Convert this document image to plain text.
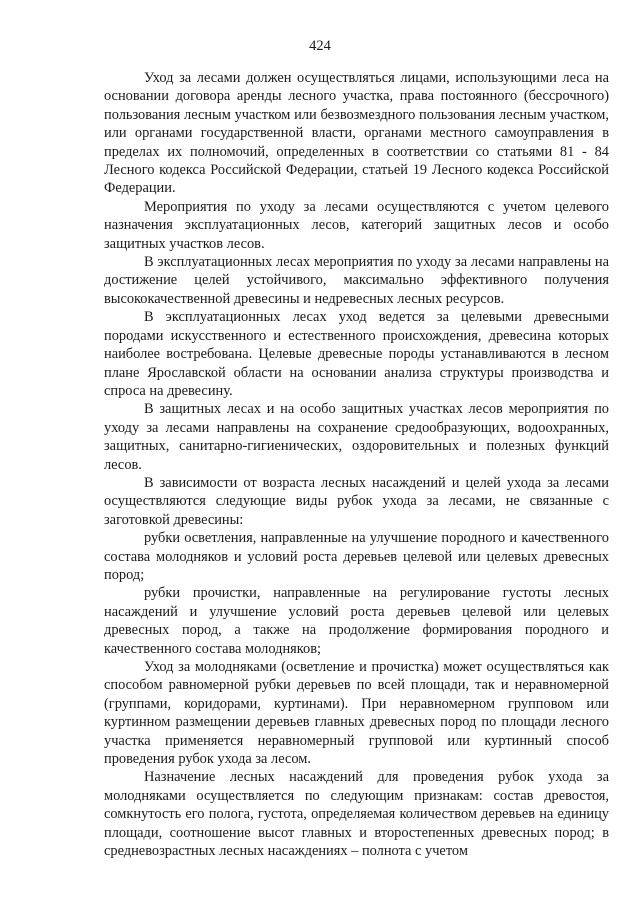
424

Уход за лесами должен осуществляться лицами, использующими леса на основании договора аренды лесного участка, права постоянного (бессрочного) пользования лесным участком или безвозмездного пользования лесным участком, или органами государственной власти, органами местного самоуправления в пределах их полномочий, определенных в соответствии со статьями 81 - 84 Лесного кодекса Российской Федерации, статьей 19 Лесного кодекса Российской Федерации.

Мероприятия по уходу за лесами осуществляются с учетом целевого назначения эксплуатационных лесов, категорий защитных лесов и особо защитных участков лесов.

В эксплуатационных лесах мероприятия по уходу за лесами направлены на достижение целей устойчивого, максимально эффективного получения высококачественной древесины и недревесных лесных ресурсов.

В эксплуатационных лесах уход ведется за целевыми древесными породами искусственного и естественного происхождения, древесина которых наиболее востребована. Целевые древесные породы устанавливаются в лесном плане Ярославской области на основании анализа структуры производства и спроса на древесину.

В защитных лесах и на особо защитных участках лесов мероприятия по уходу за лесами направлены на сохранение средообразующих, водоохранных, защитных, санитарно-гигиенических, оздоровительных и полезных функций лесов.

В зависимости от возраста лесных насаждений и целей ухода за лесами осуществляются следующие виды рубок ухода за лесами, не связанные с заготовкой древесины:

рубки осветления, направленные на улучшение породного и качественного состава молодняков и условий роста деревьев целевой или целевых древесных пород;

рубки прочистки, направленные на регулирование густоты лесных насаждений и улучшение условий роста деревьев целевой или целевых древесных пород, а также на продолжение формирования породного и качественного состава молодняков;

Уход за молодняками (осветление и прочистка) может осуществляться как способом равномерной рубки деревьев по всей площади, так и неравномерной (группами, коридорами, куртинами). При неравномерном групповом или куртинном размещении деревьев главных древесных пород по площади лесного участка применяется неравномерный групповой или куртинный способ проведения рубок ухода за лесом.

Назначение лесных насаждений для проведения рубок ухода за молодняками осуществляется по следующим признакам: состав древостоя, сомкнутость его полога, густота, определяемая количеством деревьев на единицу площади, соотношение высот главных и второстепенных древесных пород; в средневозрастных лесных насаждениях – полнота с учетом
